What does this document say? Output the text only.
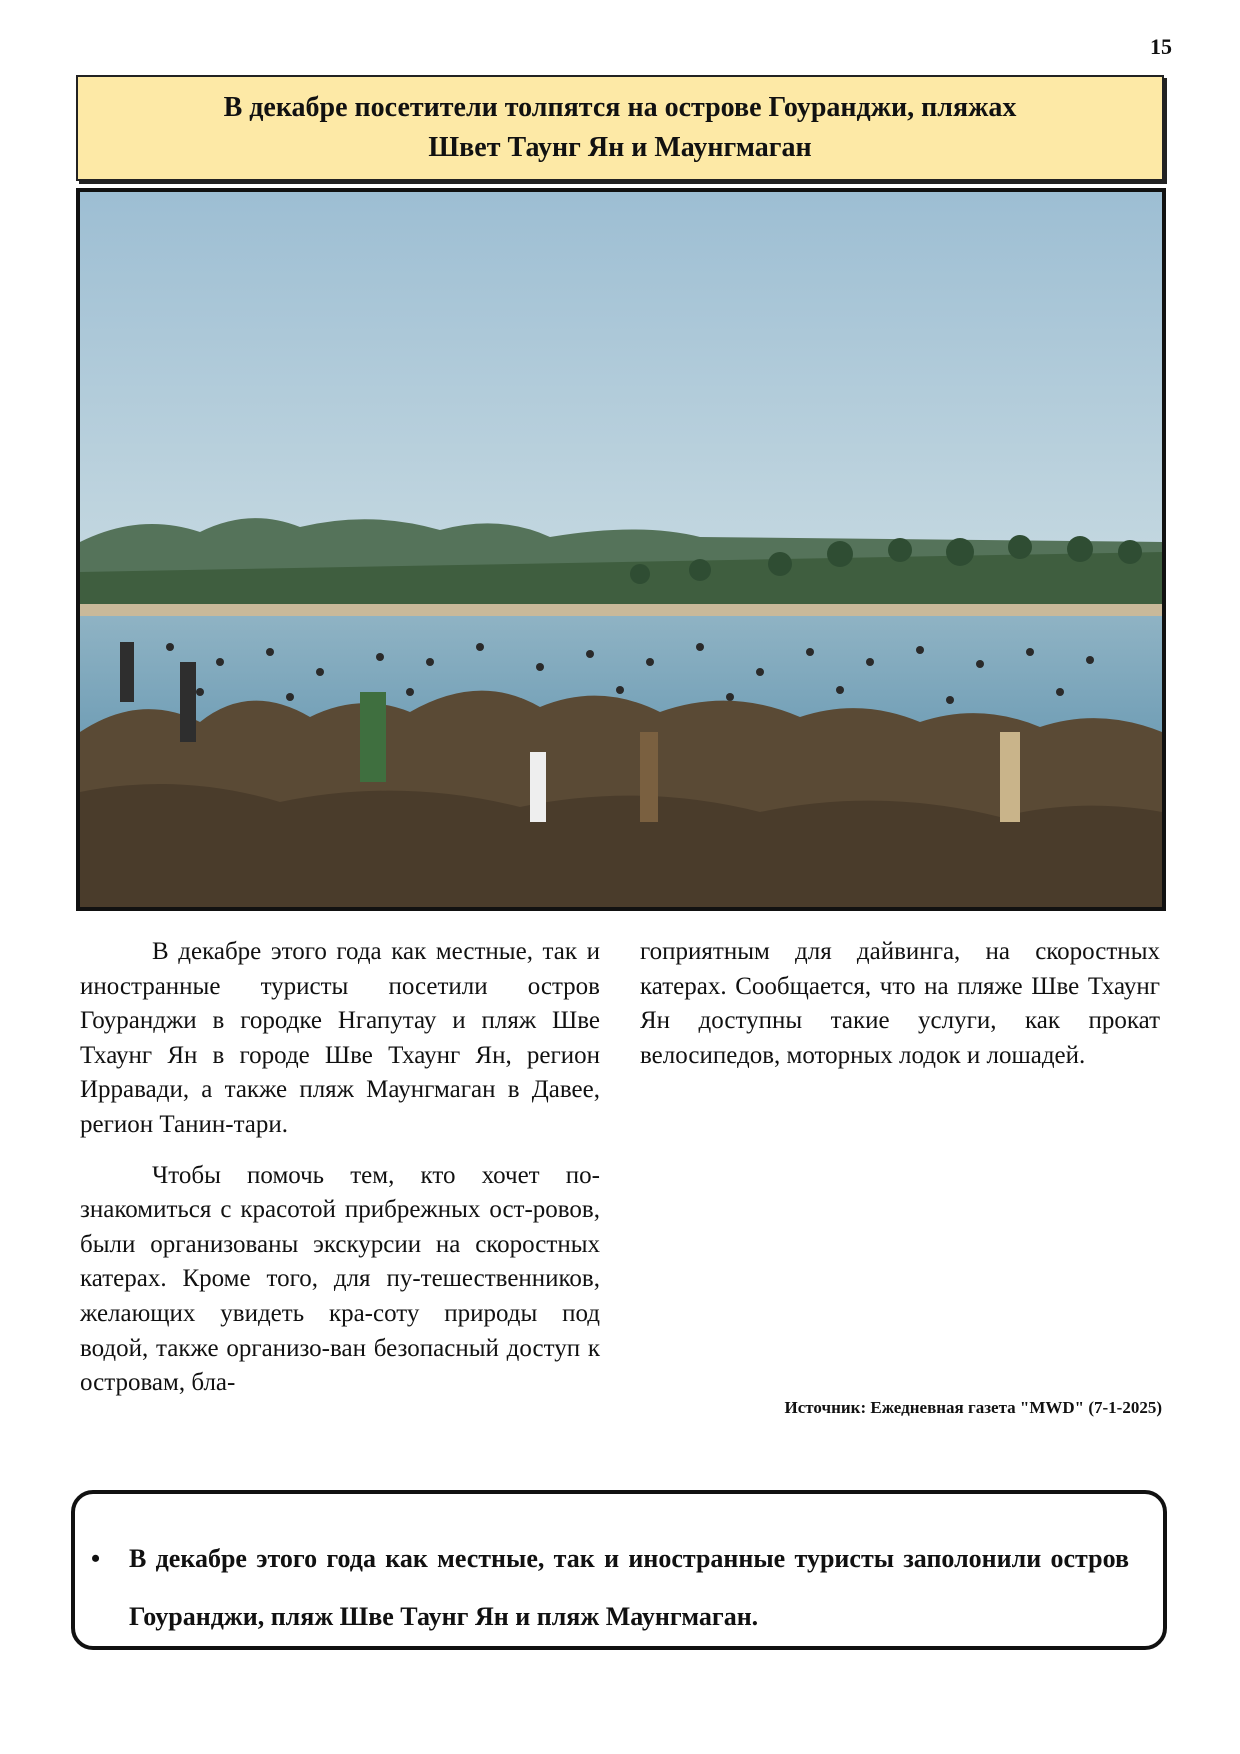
15
В декабре посетители толпятся на острове Гоуранджи, пляжах
Швет Таунг Ян и Маунгмаган

В декабре этого года как местные, так и иностранные туристы посетили остров Гоуранджи в городке Нгапутау и пляж Шве Тхаунг Ян в городе Шве Тхаунг Ян, регион Ирравади, а также пляж Маунгмаган в Давее, регион Танин-тари.

Чтобы помочь тем, кто хочет по-знакомиться с красотой прибрежных ост-ровов, были организованы экскурсии на скоростных катерах. Кроме того, для пу-тешественников, желающих увидеть кра-соту природы под водой, также организо-ван безопасный доступ к островам, бла-

гоприятным для дайвинга, на скоростных катерах. Сообщается, что на пляже Шве Тхаунг Ян доступны такие услуги, как прокат велосипедов, моторных лодок и лошадей.

Источник: Ежедневная газета "MWD" (7-1-2025)
• В декабре этого года как местные, так и иностранные туристы заполонили остров Гоуранджи, пляж Шве Таунг Ян и пляж Маунгмаган.
